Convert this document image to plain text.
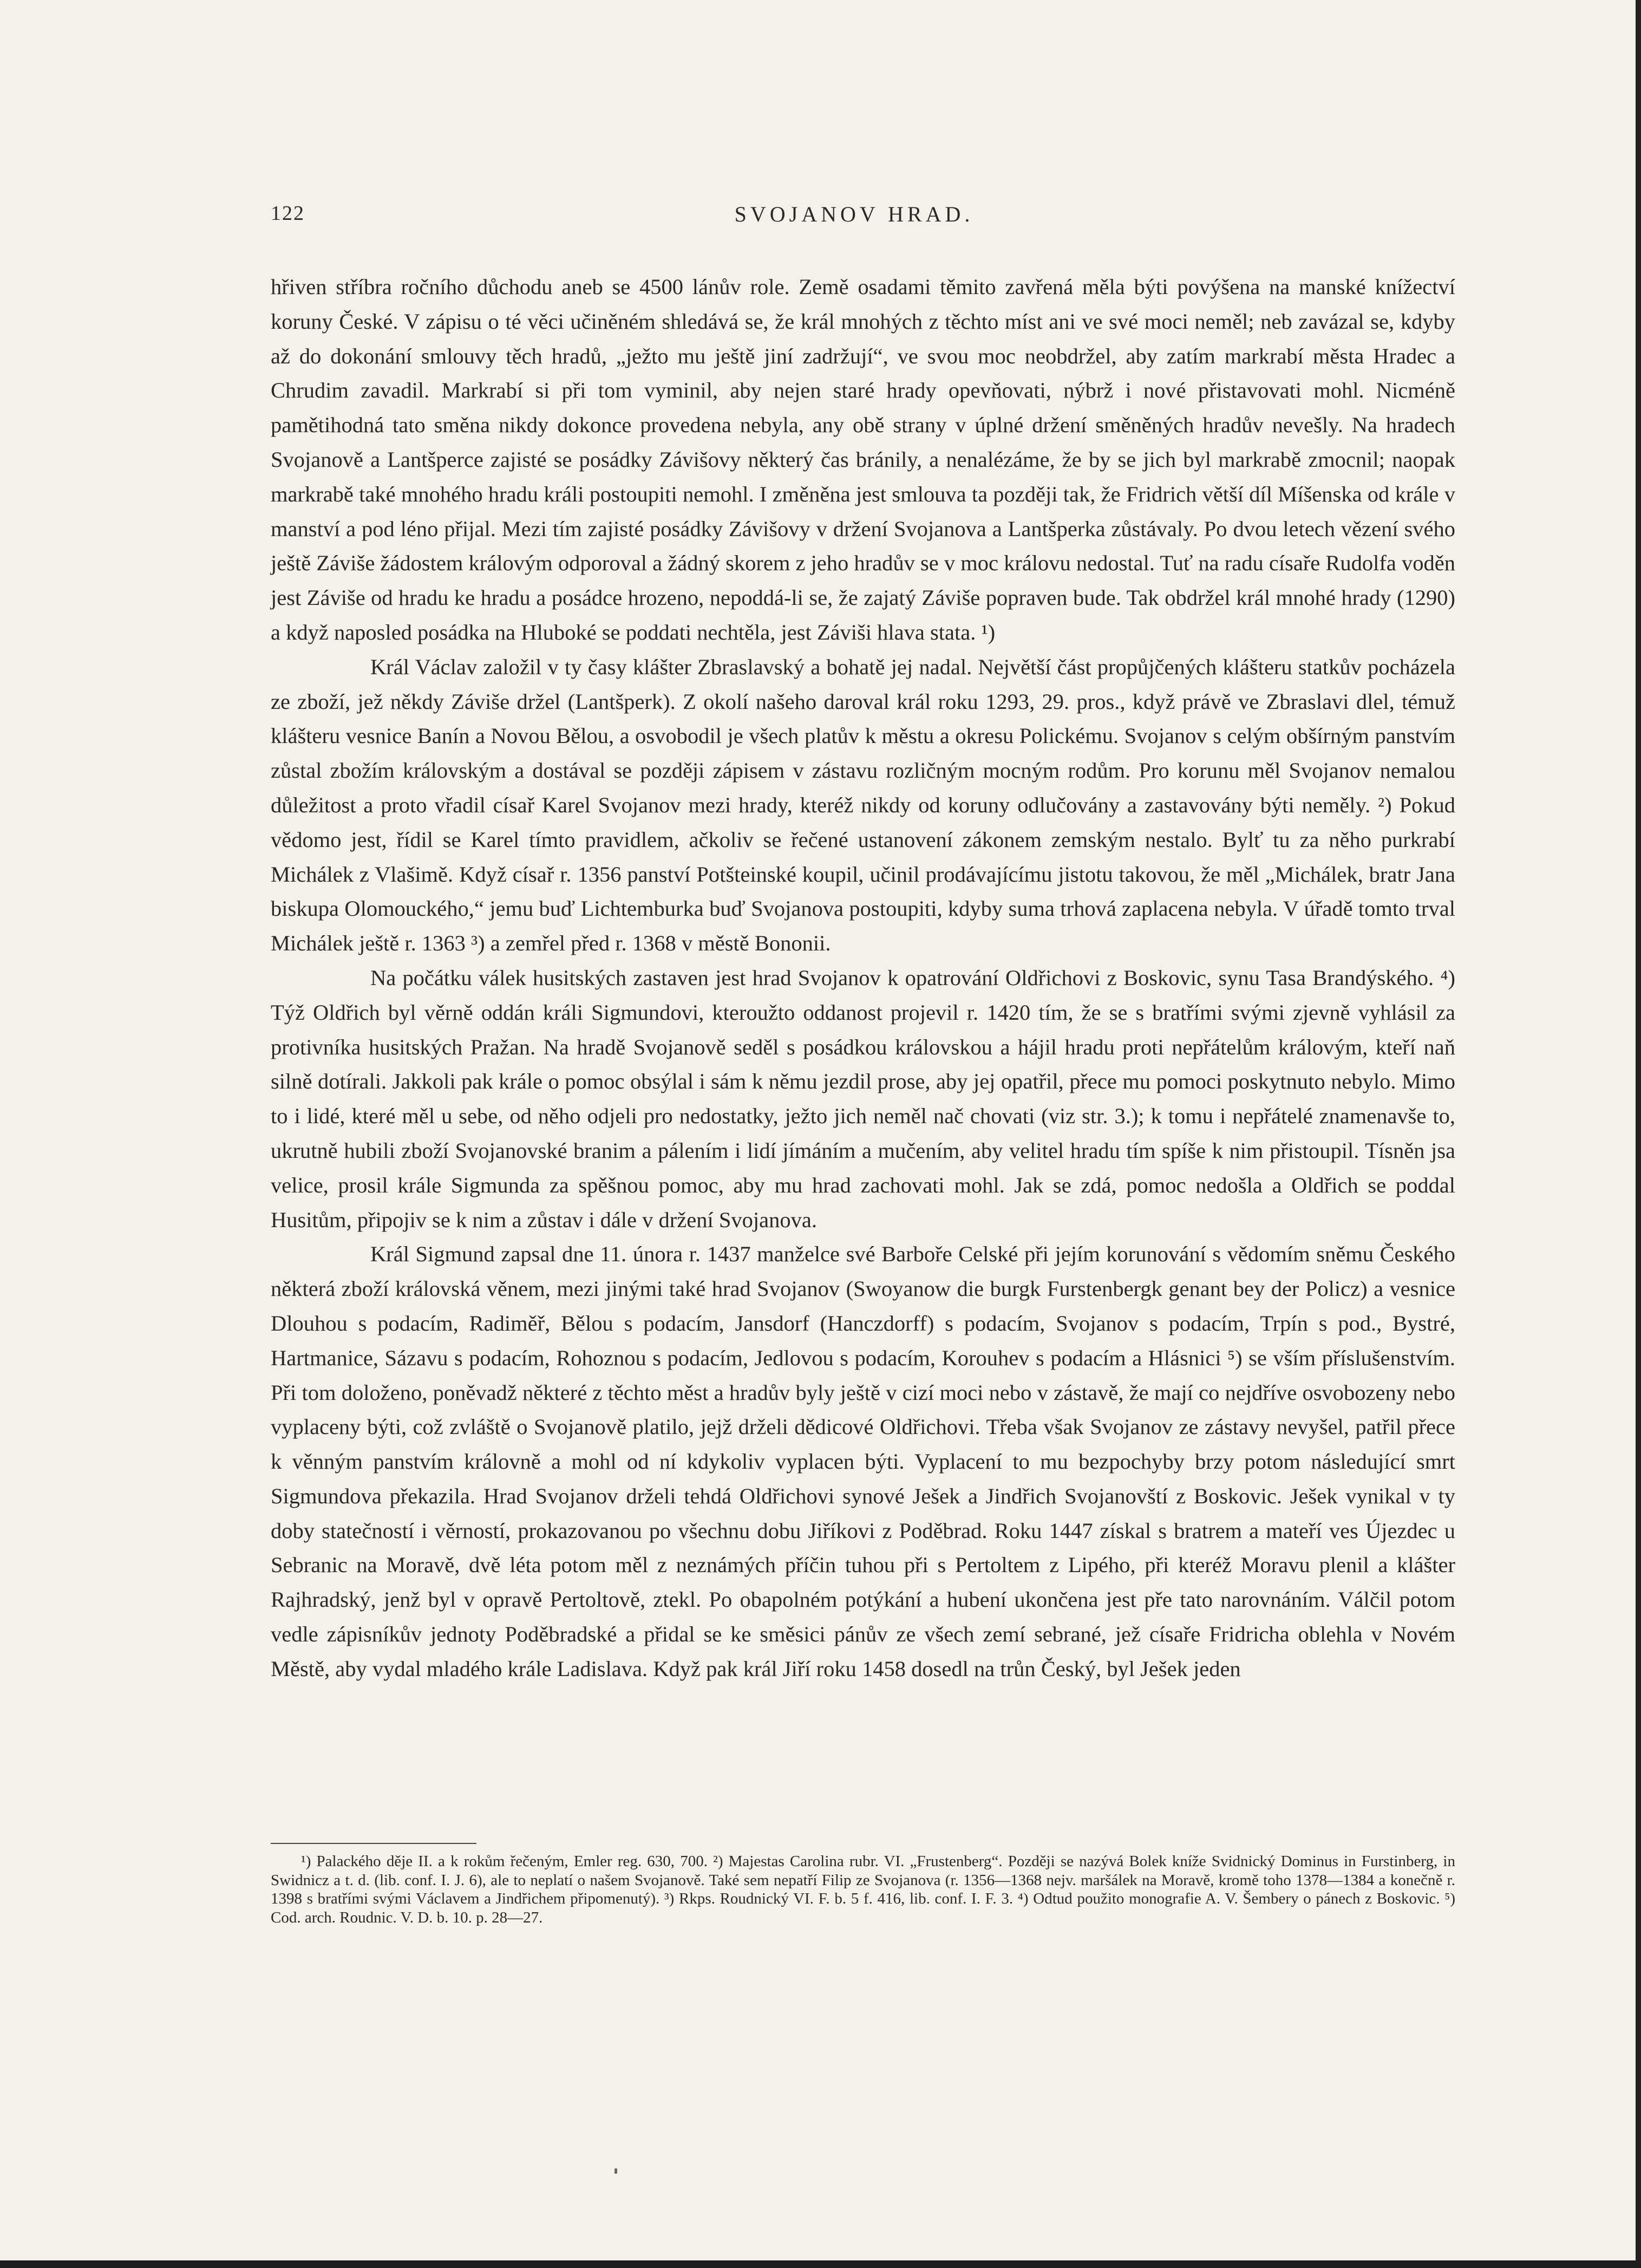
122	SVOJANOV HRAD.

hřiven stříbra ročního důchodu aneb se 4500 lánův role. Země osadami těmito zavřená měla býti povýšena na manské knížectví koruny České. V zápisu o té věci učiněném shledává se, že král mnohých z těchto míst ani ve své moci neměl; neb zavázal se, kdyby až do dokonání smlouvy těch hradů, „ježto mu ještě jiní zadržují“, ve svou moc neobdržel, aby zatím markrabí města Hradec a Chrudim zavadil. Markrabí si při tom vyminil, aby nejen staré hrady opevňovati, nýbrž i nové přistavovati mohl. Nicméně pamětihodná tato směna nikdy dokonce provedena nebyla, any obě strany v úplné držení směněných hradův nevešly. Na hradech Svojanově a Lantšperce zajisté se posádky Závišovy některý čas bránily, a nenalézáme, že by se jich byl markrabě zmocnil; naopak markrabě také mnohého hradu králi postoupiti nemohl. I změněna jest smlouva ta později tak, že Fridrich větší díl Míšenska od krále v manství a pod léno přijal. Mezi tím zajisté posádky Závišovy v držení Svojanova a Lantšperka zůstávaly. Po dvou letech vězení svého ještě Záviše žádostem královým odporoval a žádný skorem z jeho hradův se v moc královu nedostal. Tuť na radu císaře Rudolfa voděn jest Záviše od hradu ke hradu a posádce hrozeno, nepoddá-li se, že zajatý Záviše popraven bude. Tak obdržel král mnohé hrady (1290) a když naposled posádka na Hluboké se poddati nechtěla, jest Záviši hlava stata. ¹)

Král Václav založil v ty časy klášter Zbraslavský a bohatě jej nadal. Největší část propůjčených klášteru statkův pocházela ze zboží, jež někdy Záviše držel (Lantšperk). Z okolí našeho daroval král roku 1293, 29. pros., když právě ve Zbraslavi dlel, témuž klášteru vesnice Banín a Novou Bělou, a osvobodil je všech platův k městu a okresu Polickému. Svojanov s celým obšírným panstvím zůstal zbožím královským a dostával se později zápisem v zástavu rozličným mocným rodům. Pro korunu měl Svojanov nemalou důležitost a proto vřadil císař Karel Svojanov mezi hrady, kteréž nikdy od koruny odlučovány a zastavovány býti neměly. ²) Pokud vědomo jest, řídil se Karel tímto pravidlem, ačkoliv se řečené ustanovení zákonem zemským nestalo. Bylť tu za něho purkrabí Michálek z Vlašimě. Když císař r. 1356 panství Potšteinské koupil, učinil prodávajícímu jistotu takovou, že měl „Michálek, bratr Jana biskupa Olomouckého,“ jemu buď Lichtemburka buď Svojanova postoupiti, kdyby suma trhová zaplacena nebyla. V úřadě tomto trval Michálek ještě r. 1363 ³) a zemřel před r. 1368 v městě Bononii.

Na počátku válek husitských zastaven jest hrad Svojanov k opatrování Oldřichovi z Boskovic, synu Tasa Brandýského. ⁴) Týž Oldřich byl věrně oddán králi Sigmundovi, kteroužto oddanost projevil r. 1420 tím, že se s bratřími svými zjevně vyhlásil za protivníka husitských Pražan. Na hradě Svojanově seděl s posádkou královskou a hájil hradu proti nepřátelům královým, kteří naň silně dotírali. Jakkoli pak krále o pomoc obsýlal i sám k němu jezdil prose, aby jej opatřil, přece mu pomoci poskytnuto nebylo. Mimo to i lidé, které měl u sebe, od něho odjeli pro nedostatky, ježto jich neměl nač chovati (viz str. 3.); k tomu i nepřátelé znamenavše to, ukrutně hubili zboží Svojanovské branim a pálením i lidí jímáním a mučením, aby velitel hradu tím spíše k nim přistoupil. Tísněn jsa velice, prosil krále Sigmunda za spěšnou pomoc, aby mu hrad zachovati mohl. Jak se zdá, pomoc nedošla a Oldřich se poddal Husitům, připojiv se k nim a zůstav i dále v držení Svojanova.

Král Sigmund zapsal dne 11. února r. 1437 manželce své Barboře Celské při jejím korunování s vědomím sněmu Českého některá zboží královská věnem, mezi jinými také hrad Svojanov (Swoyanow die burgk Furstenbergk genant bey der Policz) a vesnice Dlouhou s podacím, Radiměř, Bělou s podacím, Jansdorf (Hanczdorff) s podacím, Svojanov s podacím, Trpín s pod., Bystré, Hartmanice, Sázavu s podacím, Rohoznou s podacím, Jedlovou s podacím, Korouhev s podacím a Hlásnici ⁵) se vším příslušenstvím. Při tom doloženo, poněvadž některé z těchto měst a hradův byly ještě v cizí moci nebo v zástavě, že mají co nejdříve osvobozeny nebo vyplaceny býti, což zvláště o Svojanově platilo, jejž drželi dědicové Oldřichovi. Třeba však Svojanov ze zástavy nevyšel, patřil přece k věnným panstvím královně a mohl od ní kdykoliv vyplacen býti. Vyplacení to mu bezpochyby brzy potom následující smrt Sigmundova překazila. Hrad Svojanov drželi tehdá Oldřichovi synové Ješek a Jindřich Svojanovští z Boskovic. Ješek vynikal v ty doby statečností i věrností, prokazovanou po všechnu dobu Jiříkovi z Poděbrad. Roku 1447 získal s bratrem a mateří ves Újezdec u Sebranic na Moravě, dvě léta potom měl z neznámých příčin tuhou při s Pertoltem z Lipého, při kteréž Moravu plenil a klášter Rajhradský, jenž byl v opravě Pertoltově, ztekl. Po obapolném potýkání a hubení ukončena jest pře tato narovnáním. Válčil potom vedle zápisníkův jednoty Poděbradské a přidal se ke směsici pánův ze všech zemí sebrané, jež císaře Fridricha oblehla v Novém Městě, aby vydal mladého krále Ladislava. Když pak král Jiří roku 1458 dosedl na trůn Český, byl Ješek jeden

¹) Palackého děje II. a k rokům řečeným, Emler reg. 630, 700. ²) Majestas Carolina rubr. VI. „Frustenberg“. Později se nazývá Bolek kníže Svidnický Dominus in Furstinberg, in Swidnicz a t. d. (lib. conf. I. J. 6), ale to neplatí o našem Svojanově. Také sem nepatří Filip ze Svojanova (r. 1356—1368 nejv. maršálek na Moravě, kromě toho 1378—1384 a konečně r. 1398 s bratřími svými Václavem a Jindřichem připomenutý). ³) Rkps. Roudnický VI. F. b. 5 f. 416, lib. conf. I. F. 3. ⁴) Odtud použito monografie A. V. Šembery o pánech z Boskovic. ⁵) Cod. arch. Roudnic. V. D. b. 10. p. 28—27.
